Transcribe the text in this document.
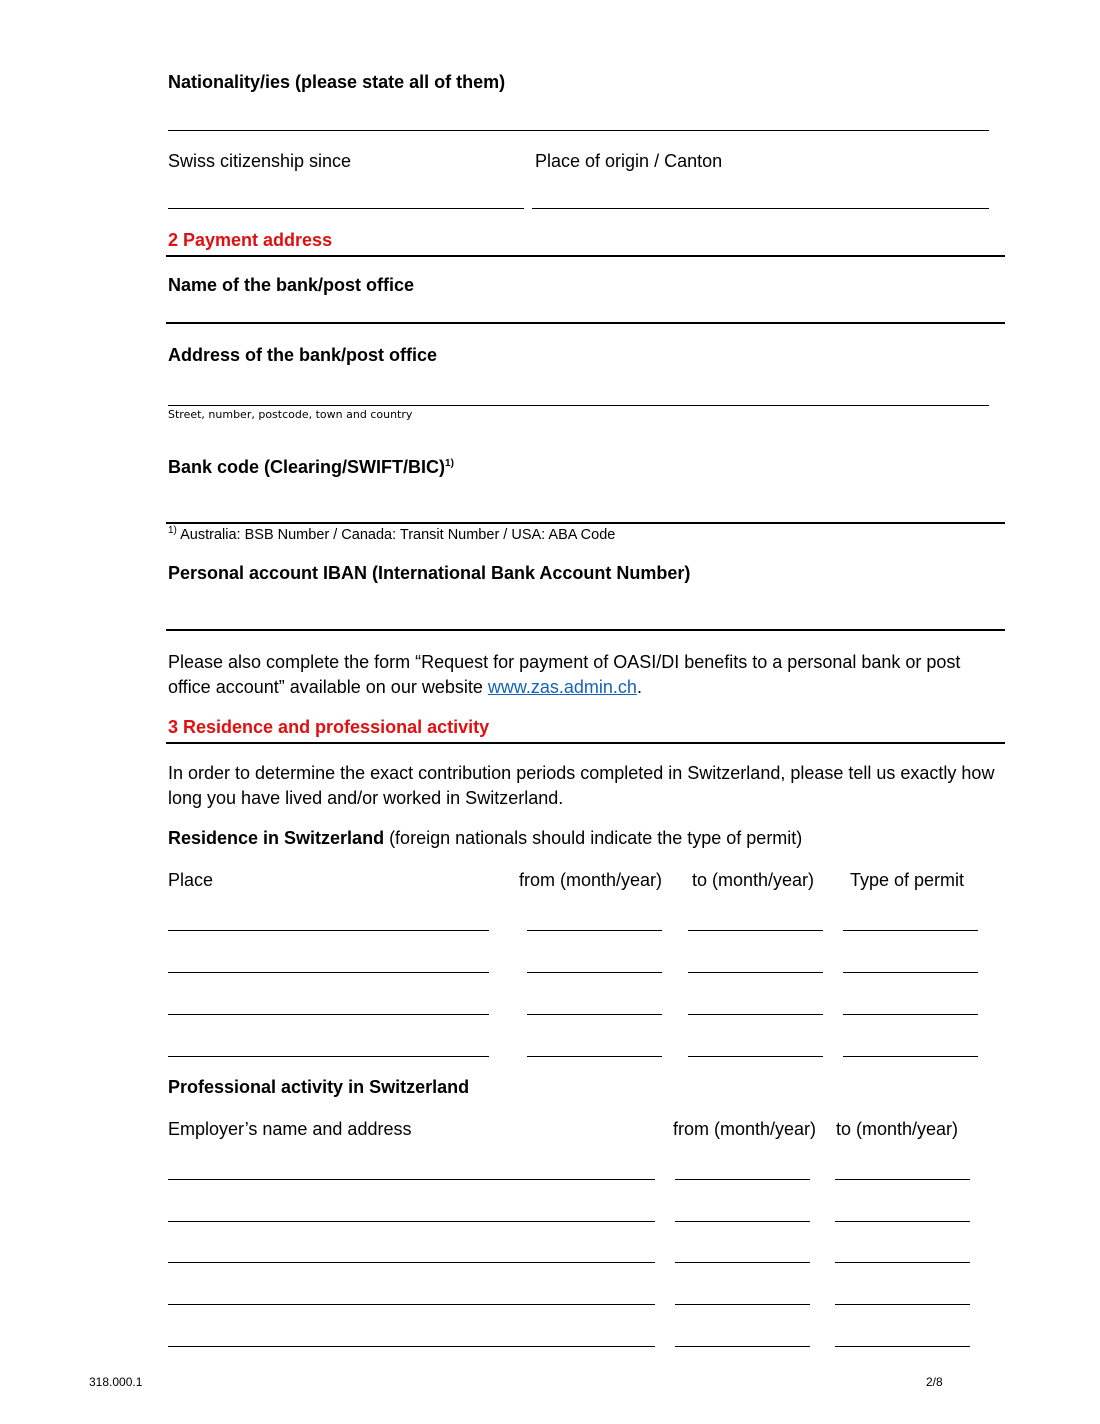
Nationality/ies (please state all of them)
Swiss citizenship since	Place of origin / Canton
2 Payment address
Name of the bank/post office
Address of the bank/post office
Street, number, postcode, town and country
Bank code (Clearing/SWIFT/BIC)$^{1)}$
$^{1)}$ Australia: BSB Number / Canada: Transit Number / USA: ABA Code
Personal account IBAN (International Bank Account Number)
Please also complete the form “Request for payment of OASI/DI benefits to a personal bank or post office account” available on our website www.zas.admin.ch.
3 Residence and professional activity
In order to determine the exact contribution periods completed in Switzerland, please tell us exactly how long you have lived and/or worked in Switzerland.
Residence in Switzerland (foreign nationals should indicate the type of permit)
Place	from (month/year) to (month/year) Type of permit
Professional activity in Switzerland
Employer’s name and address	from (month/year) to (month/year)
318.000.1	2/8
